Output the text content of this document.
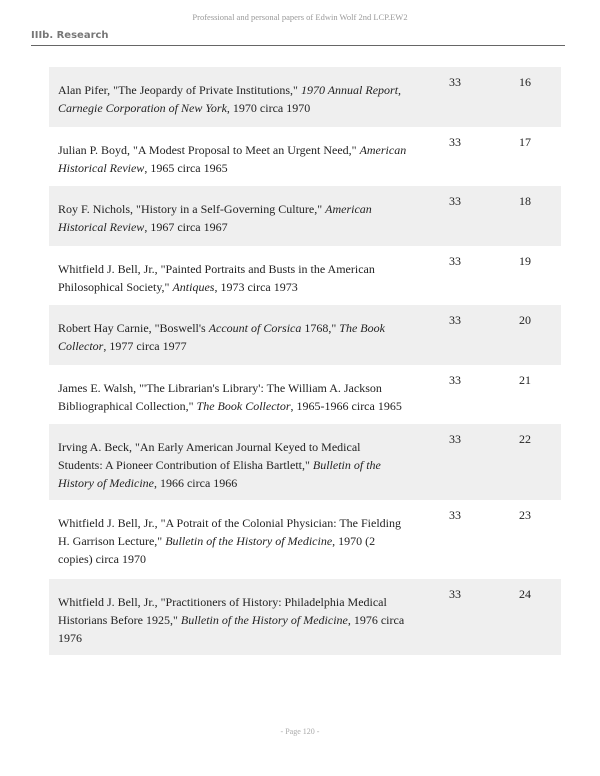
Professional and personal papers of Edwin Wolf 2nd LCP.EW2
IIIb. Research
Alan Pifer, "The Jeopardy of Private Institutions," 1970 Annual Report, Carnegie Corporation of New York, 1970 circa 1970
33	16
Julian P. Boyd, "A Modest Proposal to Meet an Urgent Need," American Historical Review, 1965 circa 1965
33	17
Roy F. Nichols, "History in a Self-Governing Culture," American Historical Review, 1967 circa 1967
33	18
Whitfield J. Bell, Jr., "Painted Portraits and Busts in the American Philosophical Society," Antiques, 1973 circa 1973
33	19
Robert Hay Carnie, "Boswell's Account of Corsica 1768," The Book Collector, 1977 circa 1977
33	20
James E. Walsh, "'The Librarian's Library': The William A. Jackson Bibliographical Collection," The Book Collector, 1965-1966 circa 1965
33	21
Irving A. Beck, "An Early American Journal Keyed to Medical Students: A Pioneer Contribution of Elisha Bartlett," Bulletin of the History of Medicine, 1966 circa 1966
33	22
Whitfield J. Bell, Jr., "A Potrait of the Colonial Physician: The Fielding H. Garrison Lecture," Bulletin of the History of Medicine, 1970 (2 copies) circa 1970
33	23
Whitfield J. Bell, Jr., "Practitioners of History: Philadelphia Medical Historians Before 1925," Bulletin of the History of Medicine, 1976 circa 1976
33	24
- Page 120 -
